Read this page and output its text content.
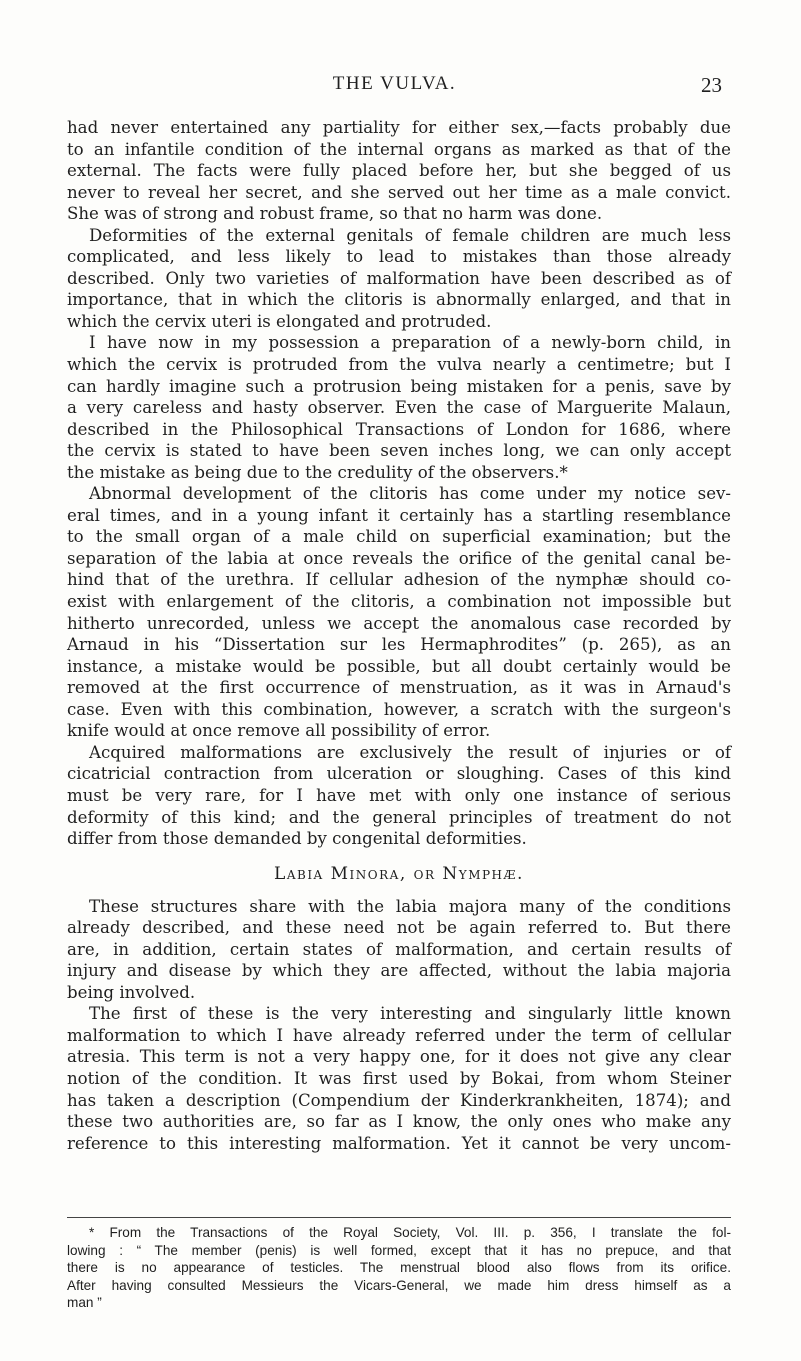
THE VULVA.	23
had never entertained any partiality for either sex,—facts probably due
to an infantile condition of the internal organs as marked as that of the
external. The facts were fully placed before her, but she begged of us
never to reveal her secret, and she served out her time as a male convict.
She was of strong and robust frame, so that no harm was done.
Deformities of the external genitals of female children are much less
complicated, and less likely to lead to mistakes than those already
described. Only two varieties of malformation have been described as of
importance, that in which the clitoris is abnormally enlarged, and that in
which the cervix uteri is elongated and protruded.
I have now in my possession a preparation of a newly-born child, in
which the cervix is protruded from the vulva nearly a centimetre; but I
can hardly imagine such a protrusion being mistaken for a penis, save by
a very careless and hasty observer. Even the case of Marguerite Malaun,
described in the Philosophical Transactions of London for 1686, where
the cervix is stated to have been seven inches long, we can only accept
the mistake as being due to the credulity of the observers.*
Abnormal development of the clitoris has come under my notice sev-
eral times, and in a young infant it certainly has a startling resemblance
to the small organ of a male child on superficial examination; but the
separation of the labia at once reveals the orifice of the genital canal be-
hind that of the urethra. If cellular adhesion of the nymphæ should co-
exist with enlargement of the clitoris, a combination not impossible but
hitherto unrecorded, unless we accept the anomalous case recorded by
Arnaud in his “Dissertation sur les Hermaphrodites” (p. 265), as an
instance, a mistake would be possible, but all doubt certainly would be
removed at the first occurrence of menstruation, as it was in Arnaud's
case. Even with this combination, however, a scratch with the surgeon's
knife would at once remove all possibility of error.
Acquired malformations are exclusively the result of injuries or of
cicatricial contraction from ulceration or sloughing. Cases of this kind
must be very rare, for I have met with only one instance of serious
deformity of this kind; and the general principles of treatment do not
differ from those demanded by congenital deformities.
Labia Minora, or Nymphæ.
These structures share with the labia majora many of the conditions
already described, and these need not be again referred to. But there
are, in addition, certain states of malformation, and certain results of
injury and disease by which they are affected, without the labia majoria
being involved.
The first of these is the very interesting and singularly little known
malformation to which I have already referred under the term of cellular
atresia. This term is not a very happy one, for it does not give any clear
notion of the condition. It was first used by Bokai, from whom Steiner
has taken a description (Compendium der Kinderkrankheiten, 1874); and
these two authorities are, so far as I know, the only ones who make any
reference to this interesting malformation. Yet it cannot be very uncom-
* From the Transactions of the Royal Society, Vol. III. p. 356, I translate the fol-
lowing : “ The member (penis) is well formed, except that it has no prepuce, and that
there is no appearance of testicles. The menstrual blood also flows from its orifice.
After having consulted Messieurs the Vicars-General, we made him dress himself as a
man ”
